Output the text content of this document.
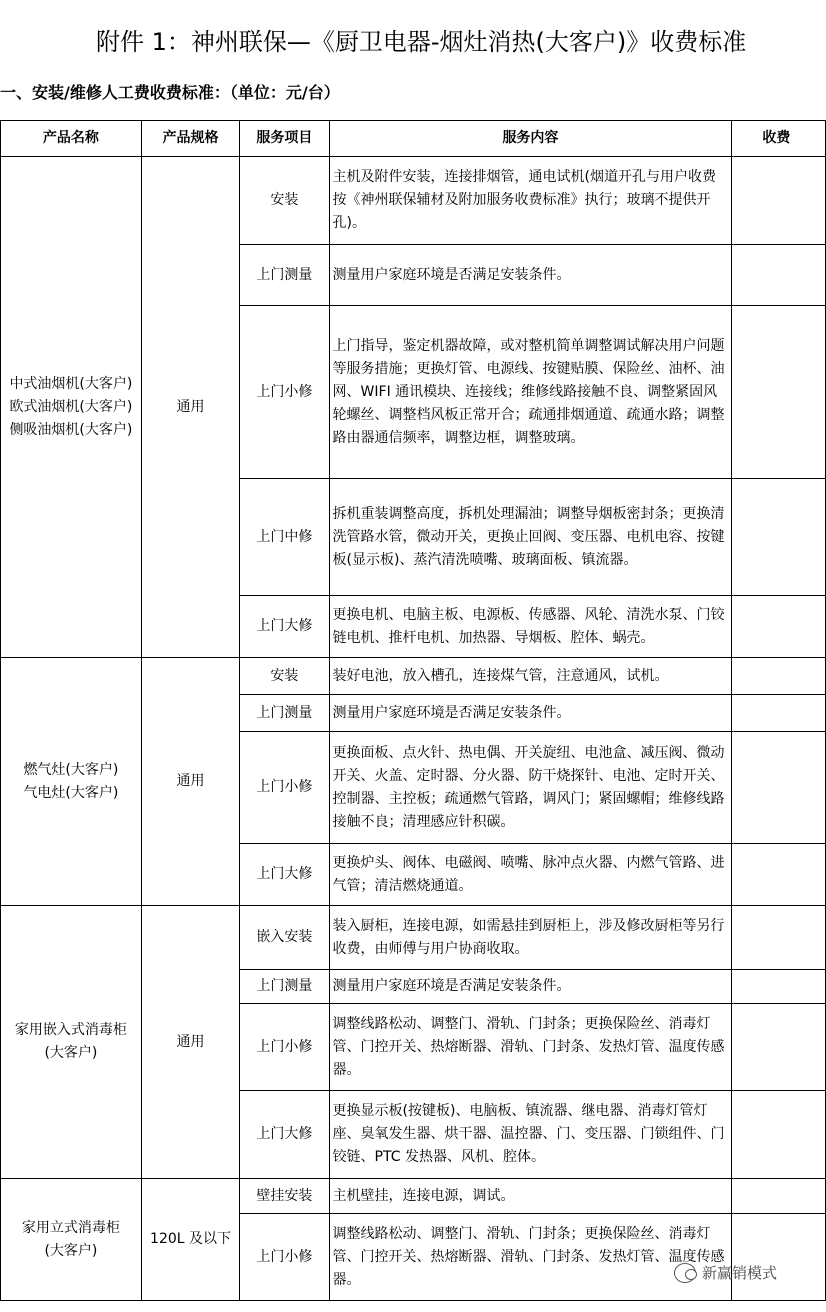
附件 1：神州联保—《厨卫电器-烟灶消热(大客户)》收费标准
一、安装/维修人工费收费标准：（单位：元/台）
产品名称	产品规格	服务项目	服务内容	收费

中式油烟机(大客户)
欧式油烟机(大客户)
侧吸油烟机(大客户)	通用	安装	主机及附件安装，连接排烟管，通电试机(烟道开孔与用户收费按《神州联保辅材及附加服务收费标准》执行；玻璃不提供开孔)。	
		上门测量	测量用户家庭环境是否满足安装条件。	
		上门小修	上门指导，鉴定机器故障，或对整机简单调整调试解决用户问题等服务措施；更换灯管、电源线、按键贴膜、保险丝、油杯、油网、WIFI 通讯模块、连接线；维修线路接触不良、调整紧固风轮螺丝、调整档风板正常开合；疏通排烟通道、疏通水路；调整路由器通信频率，调整边框，调整玻璃。	
		上门中修	拆机重装调整高度，拆机处理漏油；调整导烟板密封条；更换清洗管路水管，微动开关，更换止回阀、变压器、电机电容、按键板(显示板)、蒸汽清洗喷嘴、玻璃面板、镇流器。	
		上门大修	更换电机、电脑主板、电源板、传感器、风轮、清洗水泵、门铰链电机、推杆电机、加热器、导烟板、腔体、蜗壳。	

燃气灶(大客户)
气电灶(大客户)	通用	安装	装好电池，放入槽孔，连接煤气管，注意通风，试机。	
		上门测量	测量用户家庭环境是否满足安装条件。	
		上门小修	更换面板、点火针、热电偶、开关旋纽、电池盒、减压阀、微动开关、火盖、定时器、分火器、防干烧探针、电池、定时开关、控制器、主控板；疏通燃气管路，调风门；紧固螺帽；维修线路接触不良；清理感应针积碳。	
		上门大修	更换炉头、阀体、电磁阀、喷嘴、脉冲点火器、内燃气管路、进气管；清洁燃烧通道。	

家用嵌入式消毒柜
(大客户)	通用	嵌入安装	装入厨柜，连接电源，如需悬挂到厨柜上，涉及修改厨柜等另行收费，由师傅与用户协商收取。	
		上门测量	测量用户家庭环境是否满足安装条件。	
		上门小修	调整线路松动、调整门、滑轨、门封条；更换保险丝、消毒灯管、门控开关、热熔断器、滑轨、门封条、发热灯管、温度传感器。	
		上门大修	更换显示板(按键板)、电脑板、镇流器、继电器、消毒灯管灯座、臭氧发生器、烘干器、温控器、门、变压器、门锁组件、门铰链、PTC 发热器、风机、腔体。	

家用立式消毒柜
(大客户)	120L 及以下	壁挂安装	主机壁挂，连接电源，调试。	
		上门小修	调整线路松动、调整门、滑轨、门封条；更换保险丝、消毒灯管、门控开关、热熔断器、滑轨、门封条、发热灯管、温度传感器。		新赢销模式
